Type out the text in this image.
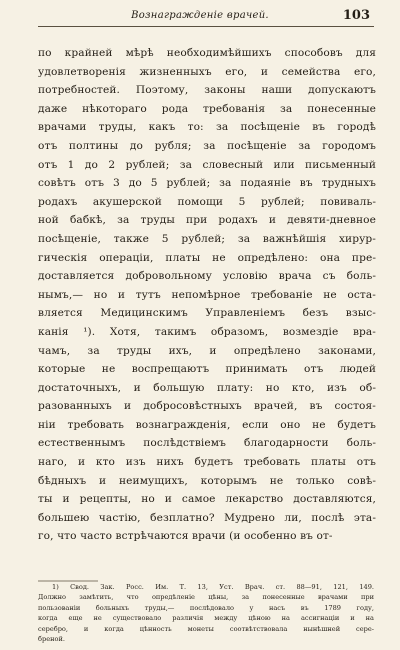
Вознагражденіе врачей.	103
по крайней мѣрѣ необходимѣйшихъ способовъ для
удовлетворенія жизненныхъ его, и семейства его,
потребностей. Поэтому, законы наши допускаютъ
даже нѣкотораго рода требованія за понесенные
врачами труды, какъ то: за посѣщеніе въ городѣ
отъ полтины до рубля; за посѣщеніе за городомъ
отъ 1 до 2 рублей; за словесный или письменный
совѣтъ отъ 3 до 5 рублей; за подаяніе въ трудныхъ
родахъ акушерской помощи 5 рублей; повиваль-
ной бабкѣ, за труды при родахъ и девяти-дневное
посѣщеніе, также 5 рублей; за важнѣйшія хирур-
гическія операціи, платы не опредѣлено: она пре-
доставляется добровольному условію врача съ боль-
нымъ,— но и тутъ непомѣрное требованіе не оста-
вляется Медицинскимъ Управленіемъ безъ взыс-
канія ¹). Хотя, такимъ образомъ, возмездіе вра-
чамъ, за труды ихъ, и опредѣлено законами,
которые не воспрещаютъ принимать отъ людей
достаточныхъ, и большую плату: но кто, изъ об-
разованныхъ и добросовѣстныхъ врачей, въ состоя-
ніи требовать вознагражденія, если оно не будетъ
естественнымъ послѣдствіемъ благодарности боль-
наго, и кто изъ нихъ будетъ требовать платы отъ
бѣдныхъ и неимущихъ, которымъ не только совѣ-
ты и рецепты, но и самое лекарство доставляются,
большею частію, безплатно? Мудрено ли, послѣ эта-
го, что часто встрѣчаются врачи (и особенно въ от-
1) Свод. Зак. Росс. Им. Т. 13, Уст. Врач. ст. 88—91, 121, 149.
Должно замѣтить, что опредѣленіе цѣны, за понесенные врачами при
пользованіи больныхъ труды,— послѣдовало у насъ въ 1789 году,
когда еще не существовало различія между цѣною на ассигнаціи и на
серебро, и когда цѣнность монеты соотвѣтствовала нынѣшней сере-
бреной.
